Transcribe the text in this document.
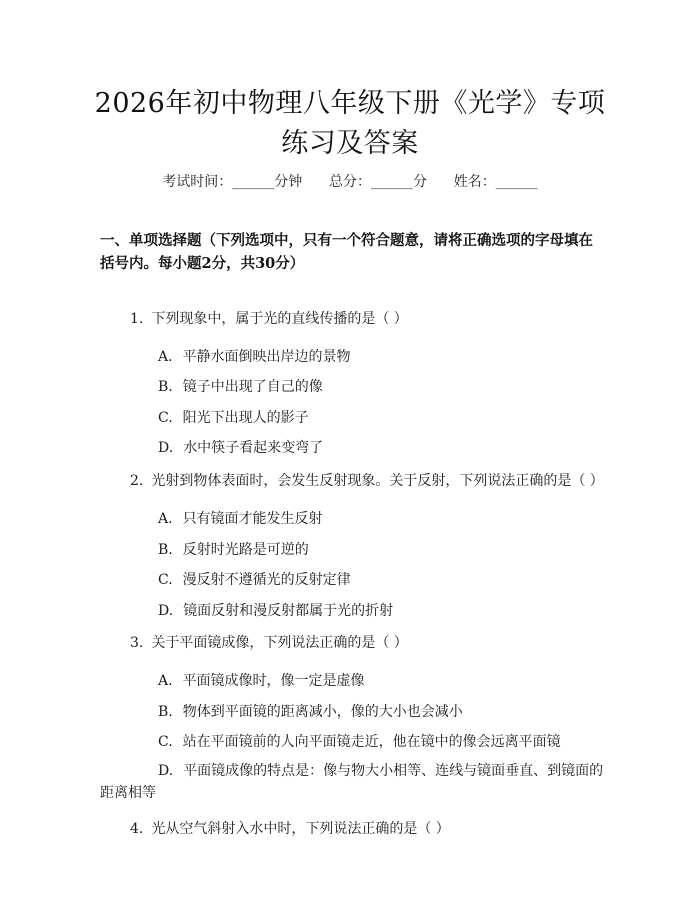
2026年初中物理八年级下册《光学》专项练习及答案
考试时间：______分钟      总分：______分      姓名：______
一、单项选择题（下列选项中，只有一个符合题意，请将正确选项的字母填在括号内。每小题2分，共30分）
1. 下列现象中，属于光的直线传播的是（ ）
A. 平静水面倒映出岸边的景物
B. 镜子中出现了自己的像
C. 阳光下出现人的影子
D. 水中筷子看起来变弯了
2. 光射到物体表面时，会发生反射现象。关于反射，下列说法正确的是（ ）
A. 只有镜面才能发生反射
B. 反射时光路是可逆的
C. 漫反射不遵循光的反射定律
D. 镜面反射和漫反射都属于光的折射
3. 关于平面镜成像，下列说法正确的是（ ）
A. 平面镜成像时，像一定是虚像
B. 物体到平面镜的距离减小，像的大小也会减小
C. 站在平面镜前的人向平面镜走近，他在镜中的像会远离平面镜
D. 平面镜成像的特点是：像与物大小相等、连线与镜面垂直、到镜面的距离相等
4. 光从空气斜射入水中时，下列说法正确的是（ ）
